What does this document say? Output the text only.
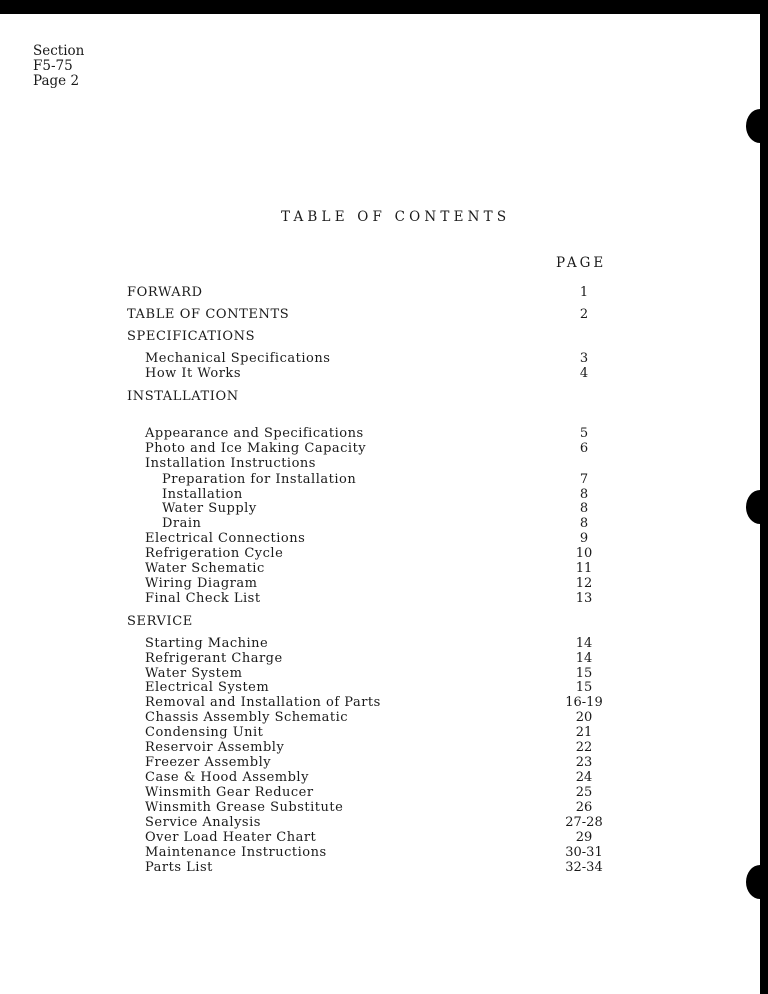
Section
F5-75
Page 2
TABLE OF CONTENTS
PAGE
FORWARD	1
TABLE OF CONTENTS	2
SPECIFICATIONS
Mechanical Specifications	3
How It Works	4
INSTALLATION
Appearance and Specifications	5
Photo and Ice Making Capacity	6
Installation Instructions
Preparation for Installation	7
Installation	8
Water Supply	8
Drain	8
Electrical Connections	9
Refrigeration Cycle	10
Water Schematic	11
Wiring Diagram	12
Final Check List	13
SERVICE
Starting Machine	14
Refrigerant Charge	14
Water System	15
Electrical System	15
Removal and Installation of Parts	16-19
Chassis Assembly Schematic	20
Condensing Unit	21
Reservoir Assembly	22
Freezer Assembly	23
Case & Hood Assembly	24
Winsmith Gear Reducer	25
Winsmith Grease Substitute	26
Service Analysis	27-28
Over Load Heater Chart	29
Maintenance Instructions	30-31
Parts List	32-34
